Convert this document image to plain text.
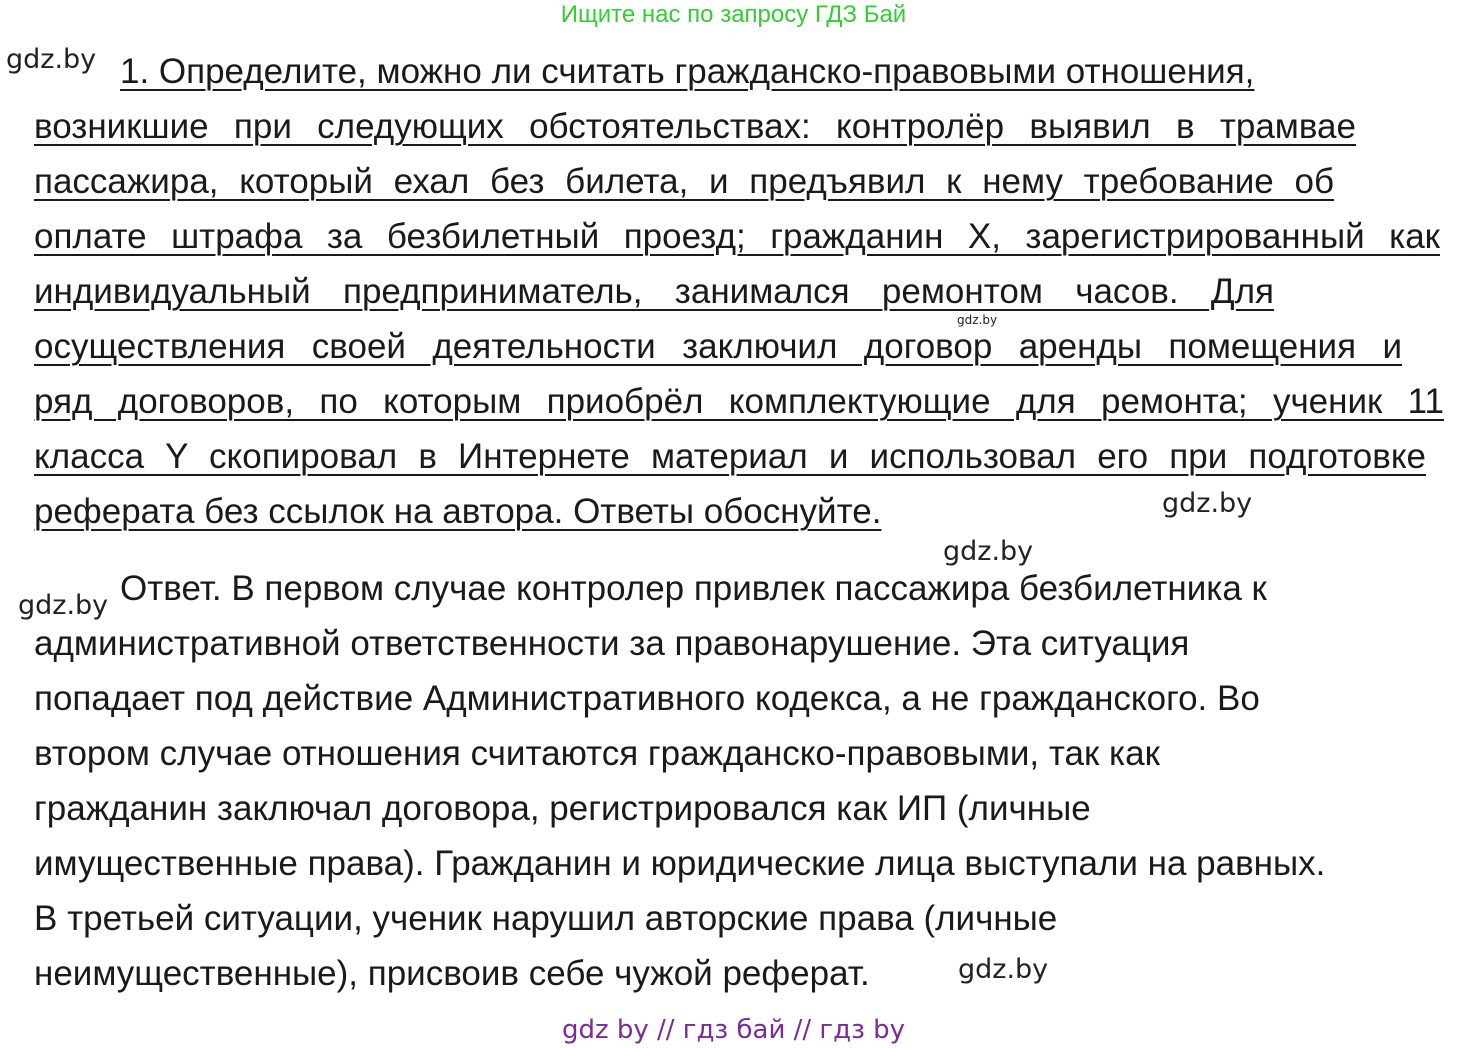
Ищите нас по запросу ГДЗ Бай
gdz.by 1. Определите, можно ли считать гражданско-правовыми отношения,
возникшие при следующих обстоятельствах: контролёр выявил в трамвае
пассажира, который ехал без билета, и предъявил к нему требование об
оплате штрафа за безбилетный проезд; гражданин X, зарегистрированный как
индивидуальный предприниматель, занимался ремонтом часов. Для
осуществления своей деятельности заключил договор аренды помещения и
ряд договоров, по которым приобрёл комплектующие для ремонта; ученик 11
класса Y скопировал в Интернете материал и использовал его при подготовке
реферата без ссылок на автора. Ответы обоснуйте.
gdz.by
gdz.by
gdz.by
gdz.by Ответ. В первом случае контролер привлек пассажира безбилетника к
административной ответственности за правонарушение. Эта ситуация
попадает под действие Административного кодекса, а не гражданского. Во
втором случае отношения считаются гражданско-правовыми, так как
гражданин заключал договора, регистрировался как ИП (личные
имущественные права). Гражданин и юридические лица выступали на равных.
В третьей ситуации, ученик нарушил авторские права (личные
неимущественные), присвоив себе чужой реферат.	gdz.by
gdz by // гдз бай // гдз by
